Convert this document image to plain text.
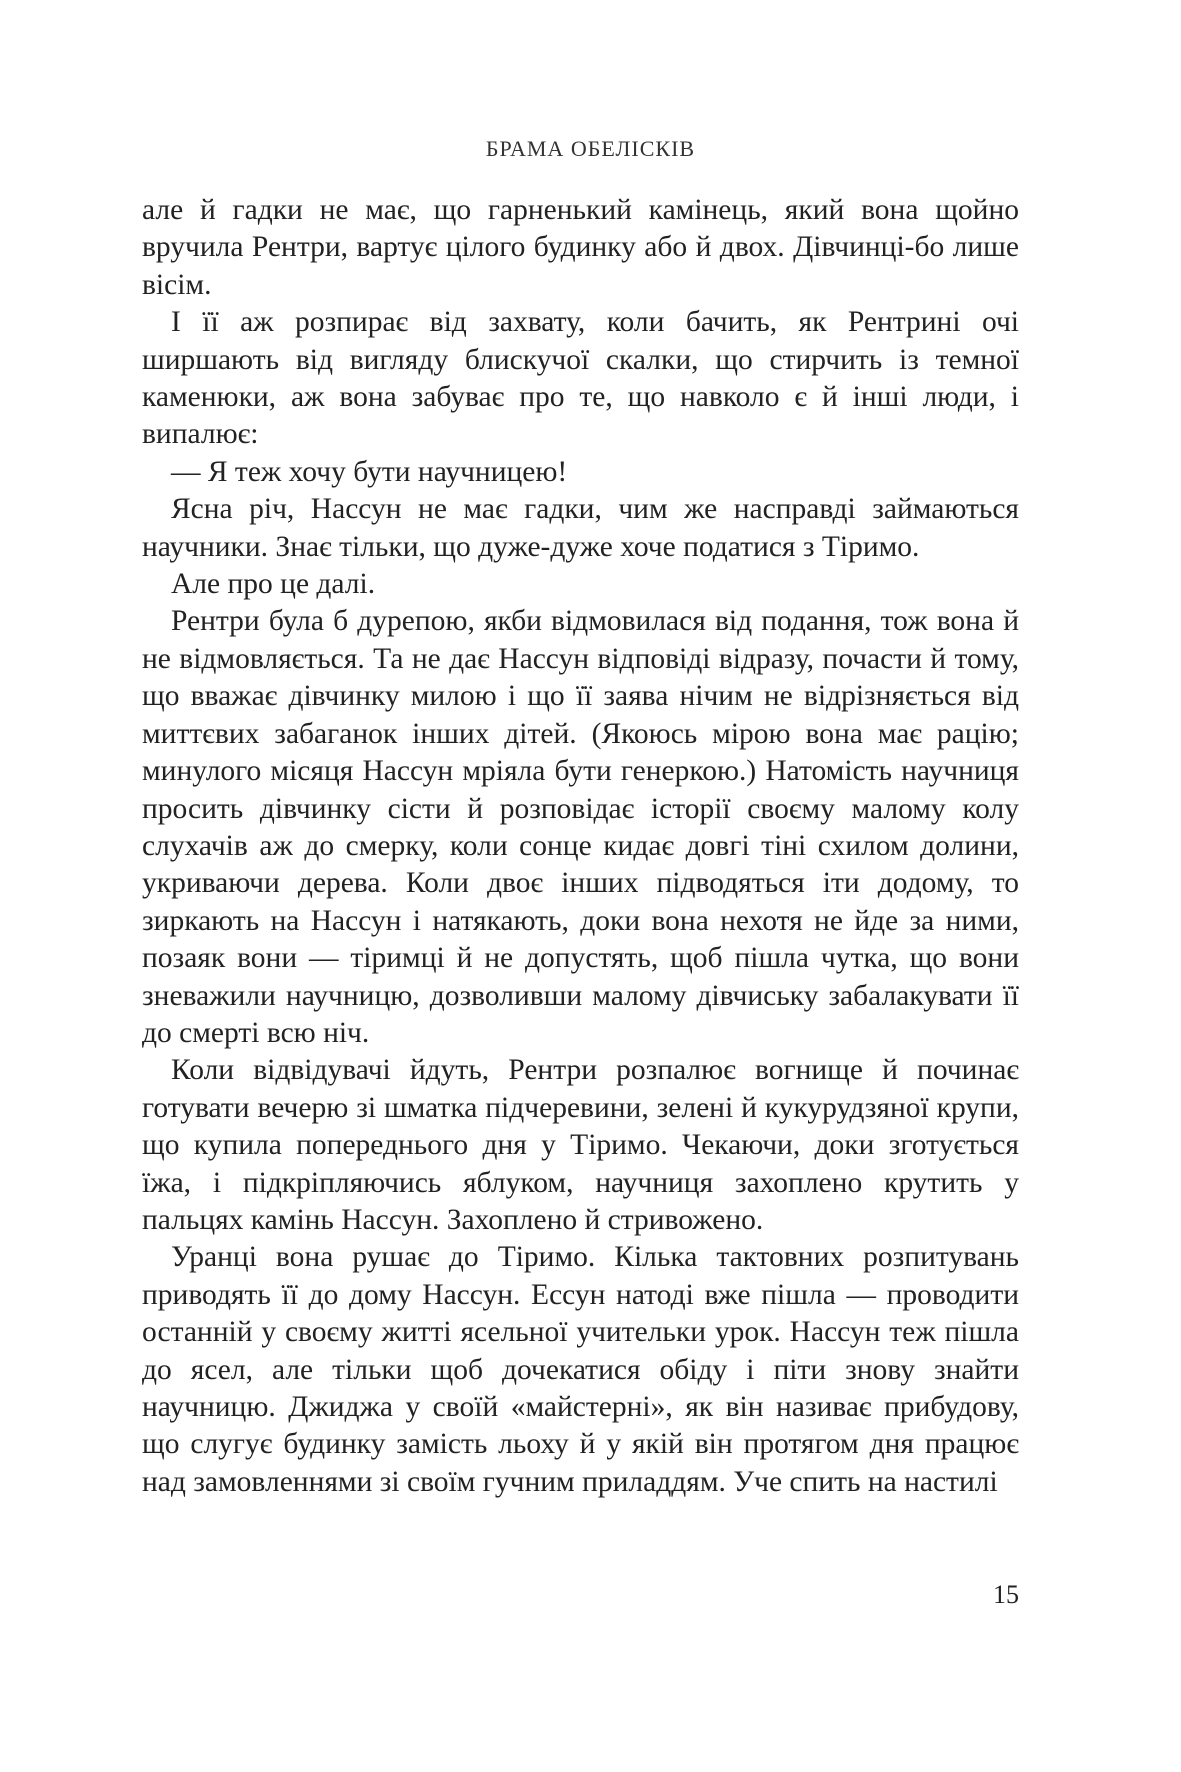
БРАМА ОБЕЛІСКІВ

але й гадки не має, що гарненький камінець, який вона щойно вручила Рентри, вартує цілого будинку або й двох. Дівчинці-бо лише вісім.

І її аж розпирає від захвату, коли бачить, як Рентрині очі ширшають від вигляду блискучої скалки, що стирчить із темної каменюки, аж вона забуває про те, що навколо є й інші люди, і випалює:

— Я теж хочу бути научницею!

Ясна річ, Нассун не має гадки, чим же насправді займаються научники. Знає тільки, що дуже-дуже хоче податися з Тіримо.

Але про це далі.

Рентри була б дурепою, якби відмовилася від подання, тож вона й не відмовляється. Та не дає Нассун відповіді відразу, почасти й тому, що вважає дівчинку милою і що її заява нічим не відрізняється від миттєвих забаганок інших дітей. (Якоюсь мірою вона має рацію; минулого місяця Нассун мріяла бути генеркою.) Натомість научниця просить дівчинку сісти й розповідає історії своєму малому колу слухачів аж до смерку, коли сонце кидає довгі тіні схилом долини, укриваючи дерева. Коли двоє інших підводяться іти додому, то зиркають на Нассун і натякають, доки вона нехотя не йде за ними, позаяк вони — тіримці й не допустять, щоб пішла чутка, що вони зневажили научницю, дозволивши малому дівчиську забалакувати її до смерті всю ніч.

Коли відвідувачі йдуть, Рентри розпалює вогнище й починає готувати вечерю зі шматка підчеревини, зелені й кукурудзяної крупи, що купила попереднього дня у Тіримо. Чекаючи, доки зготується їжа, і підкріпляючись яблуком, научниця захоплено крутить у пальцях камінь Нассун. Захоплено й стривожено.

Уранці вона рушає до Тіримо. Кілька тактовних розпитувань приводять її до дому Нассун. Ессун натоді вже пішла — проводити останній у своєму житті ясельної учительки урок. Нассун теж пішла до ясел, але тільки щоб дочекатися обіду і піти знову знайти научницю. Джиджа у своїй «майстерні», як він називає прибудову, що слугує будинку замість льоху й у якій він протягом дня працює над замовленнями зі своїм гучним приладдям. Уче спить на настилі

15
